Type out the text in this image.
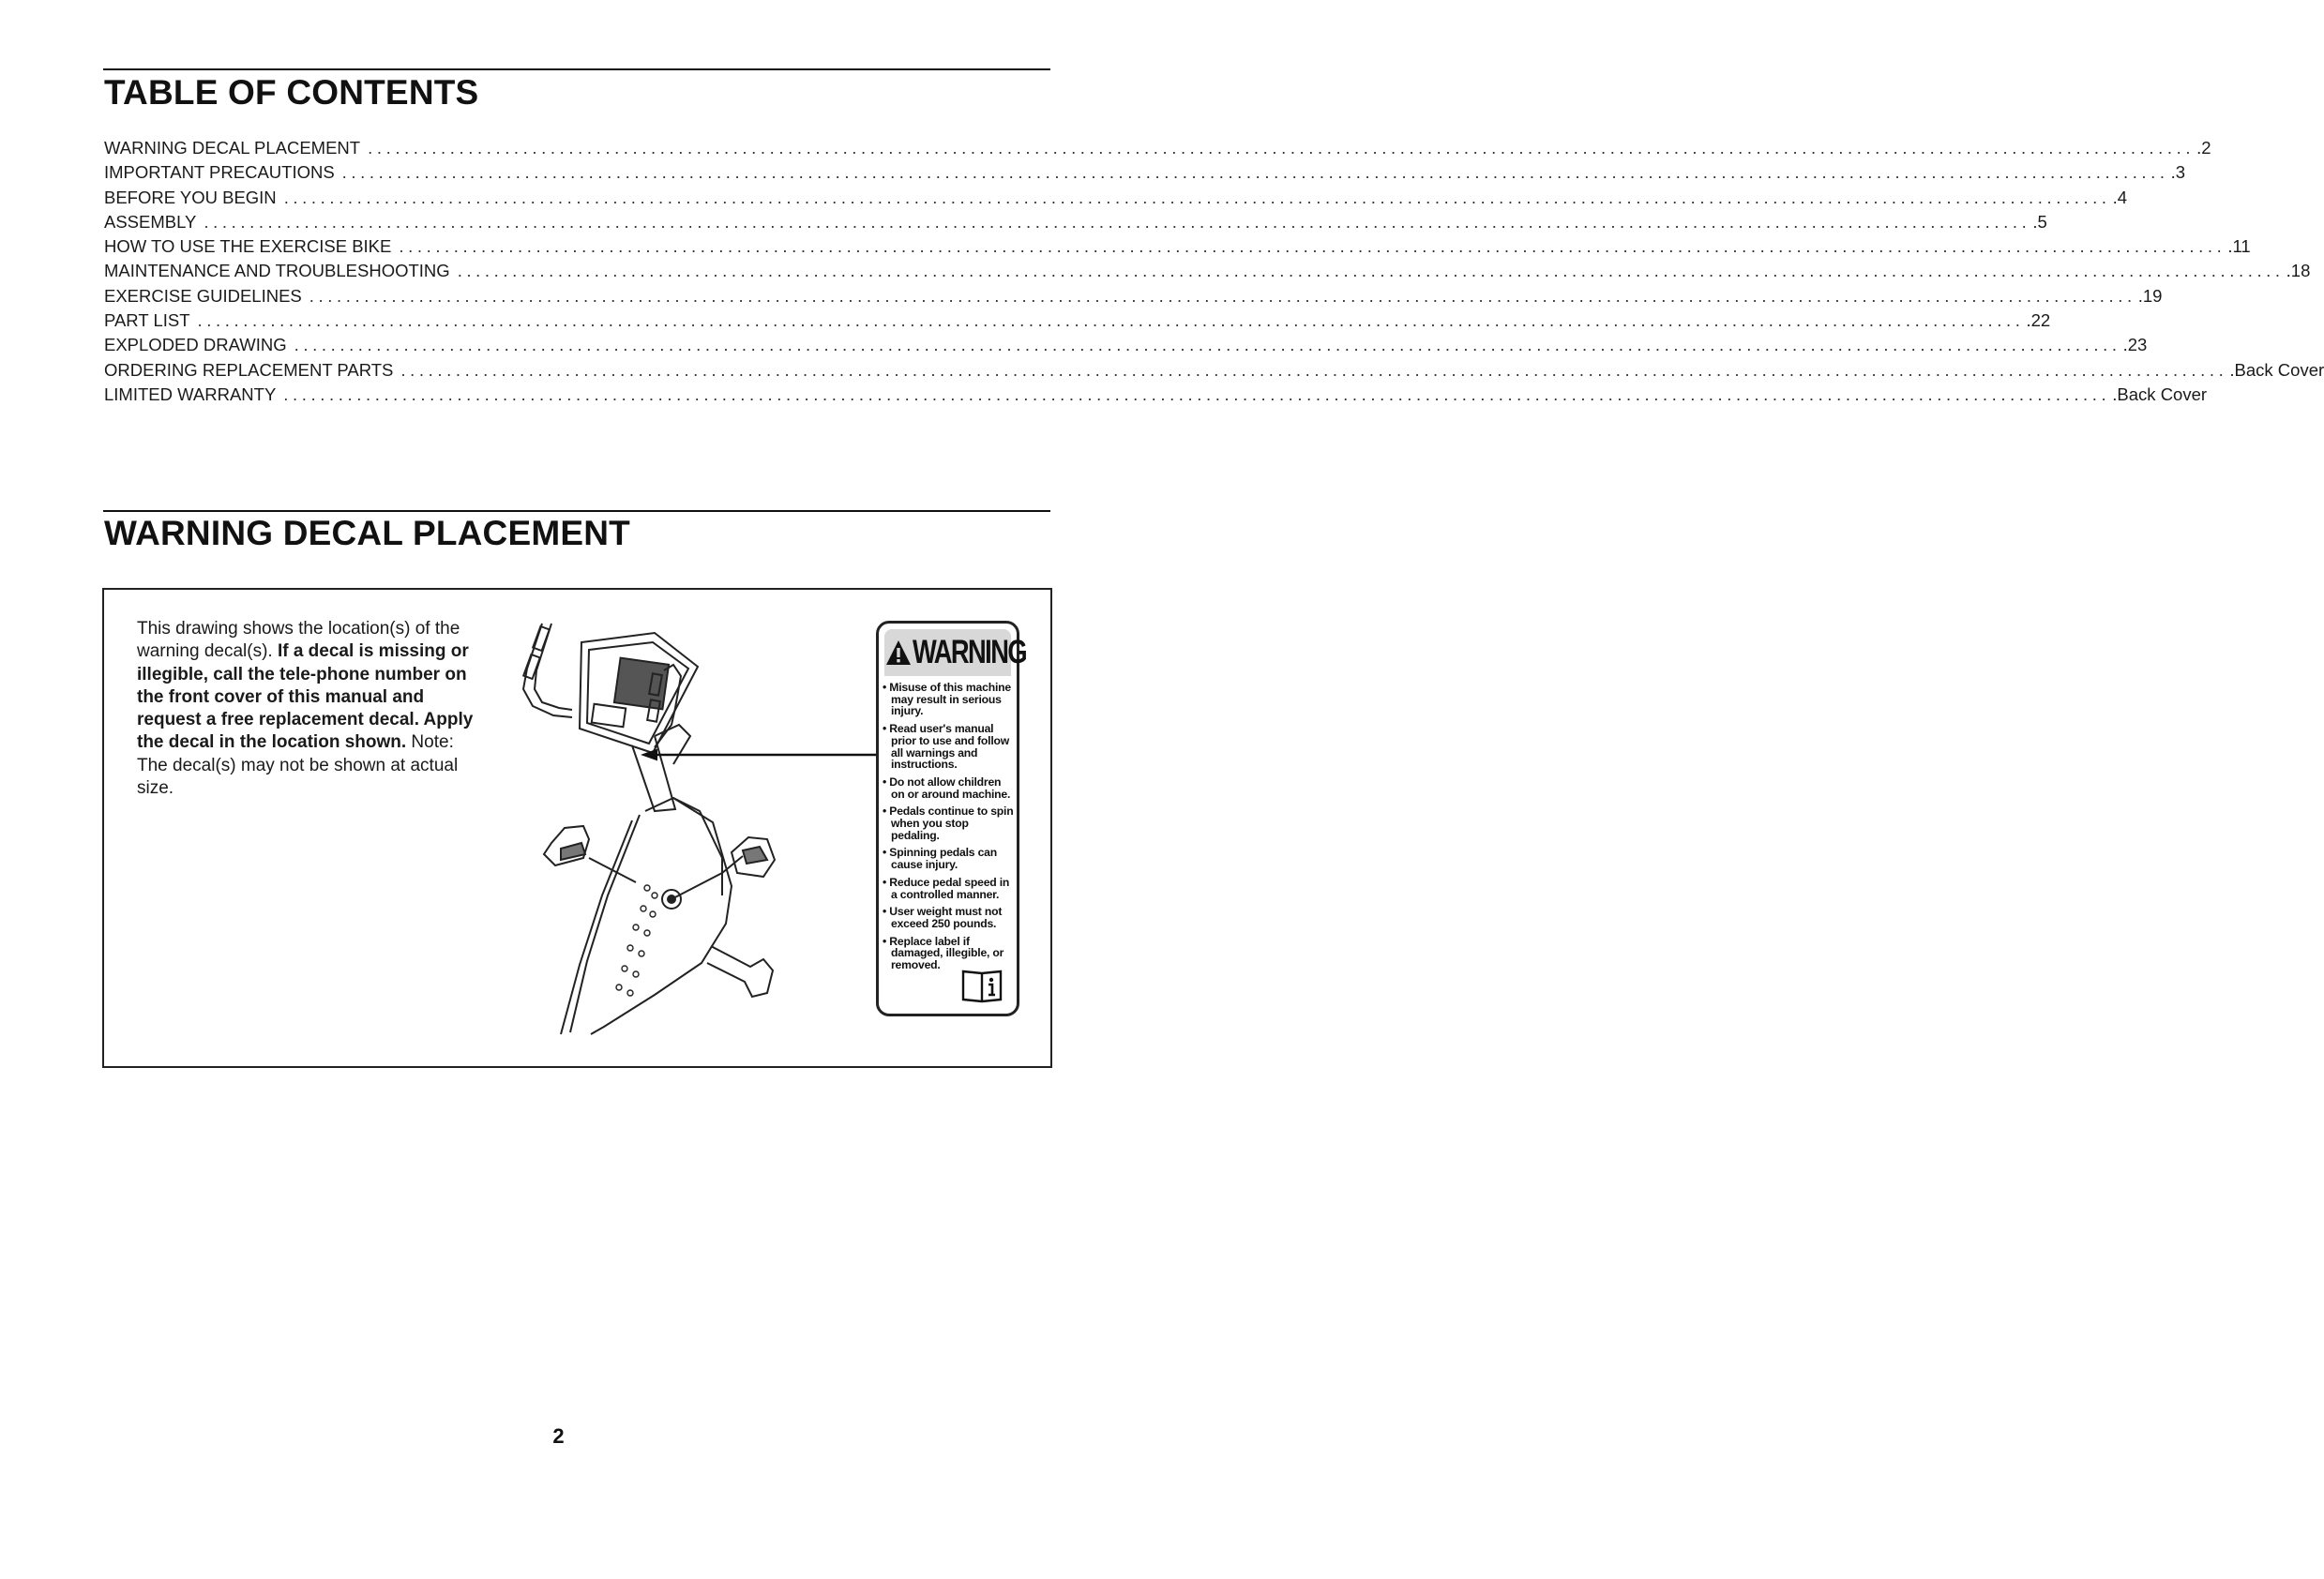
TABLE OF CONTENTS
WARNING DECAL PLACEMENT ........................................................................................................................................................................................................ .2
IMPORTANT PRECAUTIONS ........................................................................................................................................................................................................ .3
BEFORE YOU BEGIN ........................................................................................................................................................................................................ .4
ASSEMBLY ........................................................................................................................................................................................................ .5
HOW TO USE THE EXERCISE BIKE ........................................................................................................................................................................................................ .11
MAINTENANCE AND TROUBLESHOOTING ........................................................................................................................................................................................................ .18
EXERCISE GUIDELINES ........................................................................................................................................................................................................ .19
PART LIST ........................................................................................................................................................................................................ .22
EXPLODED DRAWING ........................................................................................................................................................................................................ .23
ORDERING REPLACEMENT PARTS ........................................................................................................................................................................................................ .Back Cover
LIMITED WARRANTY ........................................................................................................................................................................................................ .Back Cover
WARNING DECAL PLACEMENT
This drawing shows the location(s) of the warning decal(s). If a decal is missing or illegible, call the tele-phone number on the front cover of this manual and request a free replacement decal. Apply the decal in the location shown. Note: The decal(s) may not be shown at actual size.
WARNING
• Misuse of this machine may result in serious injury.
• Read user's manual prior to use and follow all warnings and instructions.
• Do not allow children on or around machine.
• Pedals continue to spin when you stop pedaling.
• Spinning pedals can cause injury.
• Reduce pedal speed in a controlled manner.
• User weight must not exceed 250 pounds.
• Replace label if damaged, illegible, or removed.
2
